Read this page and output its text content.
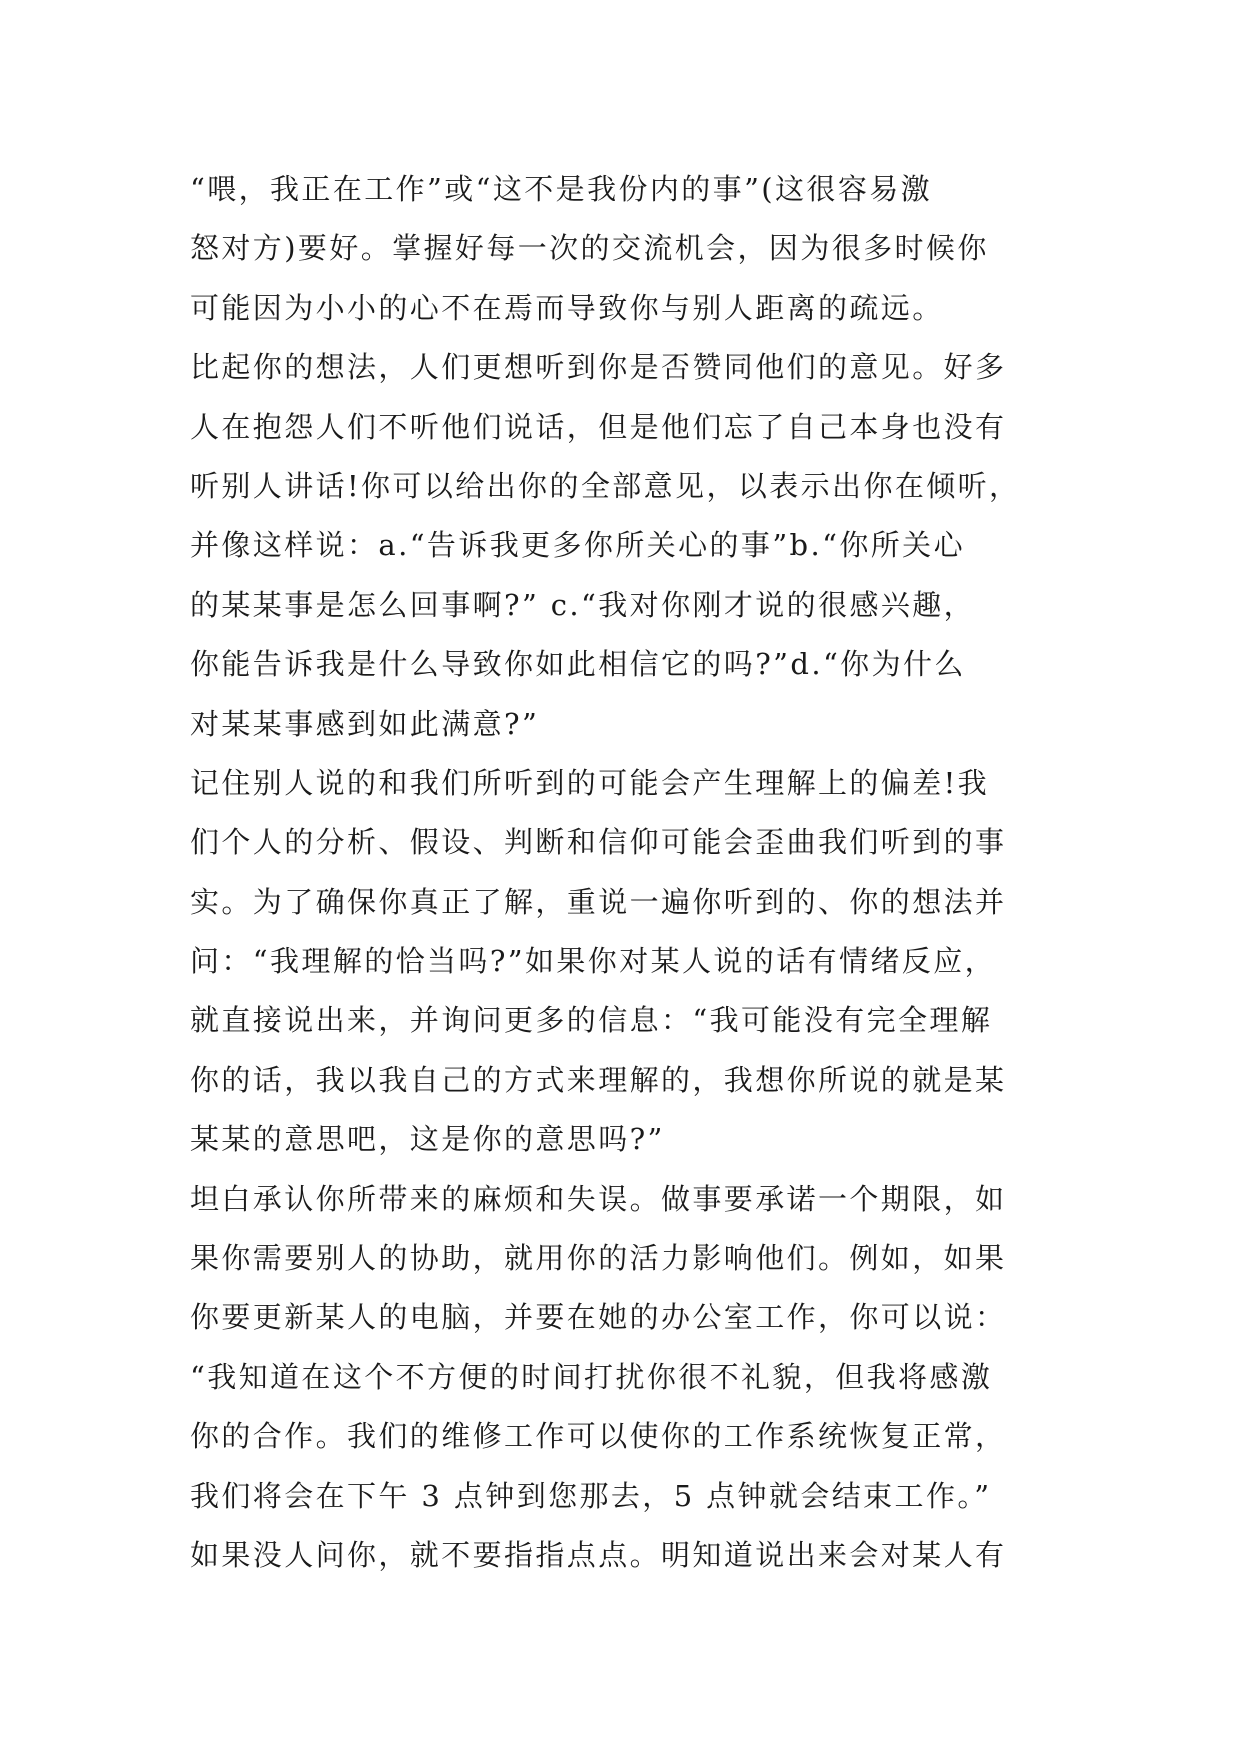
“喂，我正在工作”或“这不是我份内的事”(这很容易激
怒对方)要好。掌握好每一次的交流机会，因为很多时候你
可能因为小小的心不在焉而导致你与别人距离的疏远。
比起你的想法，人们更想听到你是否赞同他们的意见。好多
人在抱怨人们不听他们说话，但是他们忘了自己本身也没有
听别人讲话!你可以给出你的全部意见，以表示出你在倾听，
并像这样说：a.“告诉我更多你所关心的事”b.“你所关心
的某某事是怎么回事啊?” c.“我对你刚才说的很感兴趣，
你能告诉我是什么导致你如此相信它的吗?”d.“你为什么
对某某事感到如此满意?”
记住别人说的和我们所听到的可能会产生理解上的偏差!我
们个人的分析、假设、判断和信仰可能会歪曲我们听到的事
实。为了确保你真正了解，重说一遍你听到的、你的想法并
问：“我理解的恰当吗?”如果你对某人说的话有情绪反应，
就直接说出来，并询问更多的信息：“我可能没有完全理解
你的话，我以我自己的方式来理解的，我想你所说的就是某
某某的意思吧，这是你的意思吗?”
坦白承认你所带来的麻烦和失误。做事要承诺一个期限，如
果你需要别人的协助，就用你的活力影响他们。例如，如果
你要更新某人的电脑，并要在她的办公室工作，你可以说：
“我知道在这个不方便的时间打扰你很不礼貌，但我将感激
你的合作。我们的维修工作可以使你的工作系统恢复正常，
我们将会在下午 3 点钟到您那去，5 点钟就会结束工作。”
如果没人问你，就不要指指点点。明知道说出来会对某人有
